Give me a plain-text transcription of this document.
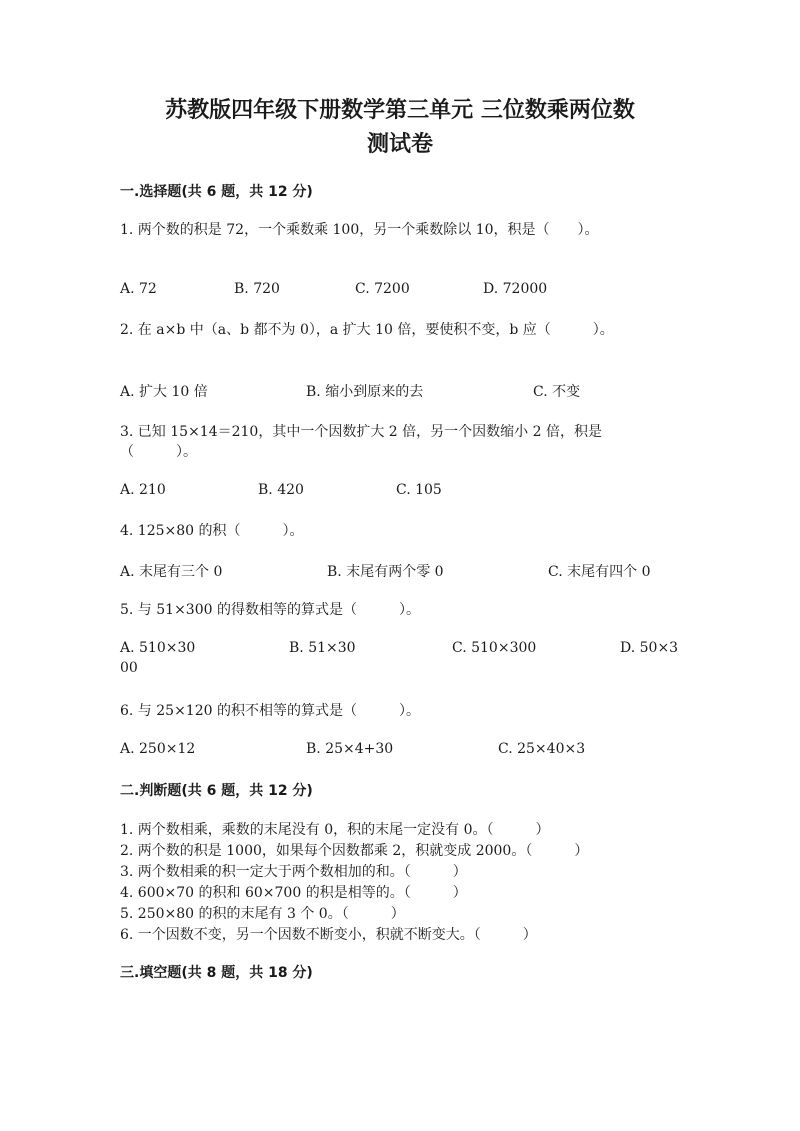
苏教版四年级下册数学第三单元 三位数乘两位数
测试卷
一.选择题(共 6 题，共 12 分)
1. 两个数的积是 72，一个乘数乘 100，另一个乘数除以 10，积是（　　）。
A. 72	B. 720	C. 7200	D. 72000
2. 在 a×b 中（a、b 都不为 0），a 扩大 10 倍，要使积不变，b 应（　　　）。
A. 扩大 10 倍	B. 缩小到原来的去	C. 不变
3. 已知 15×14＝210，其中一个因数扩大 2 倍，另一个因数缩小 2 倍，积是
（　　　）。
A. 210	B. 420	C. 105
4. 125×80 的积（　　　）。
A. 末尾有三个 0	B. 末尾有两个零 0	C. 末尾有四个 0
5. 与 51×300 的得数相等的算式是（　　　）。
A. 510×30	B. 51×30	C. 510×300	D. 50×3
00
6. 与 25×120 的积不相等的算式是（　　　）。
A. 250×12	B. 25×4+30	C. 25×40×3
二.判断题(共 6 题，共 12 分)
1. 两个数相乘，乘数的末尾没有 0，积的末尾一定没有 0。（　　　）
2. 两个数的积是 1000，如果每个因数都乘 2，积就变成 2000。（　　　）
3. 两个数相乘的积一定大于两个数相加的和。（　　　）
4. 600×70 的积和 60×700 的积是相等的。（　　　）
5. 250×80 的积的末尾有 3 个 0。（　　　）
6. 一个因数不变，另一个因数不断变小，积就不断变大。（　　　）
三.填空题(共 8 题，共 18 分)
